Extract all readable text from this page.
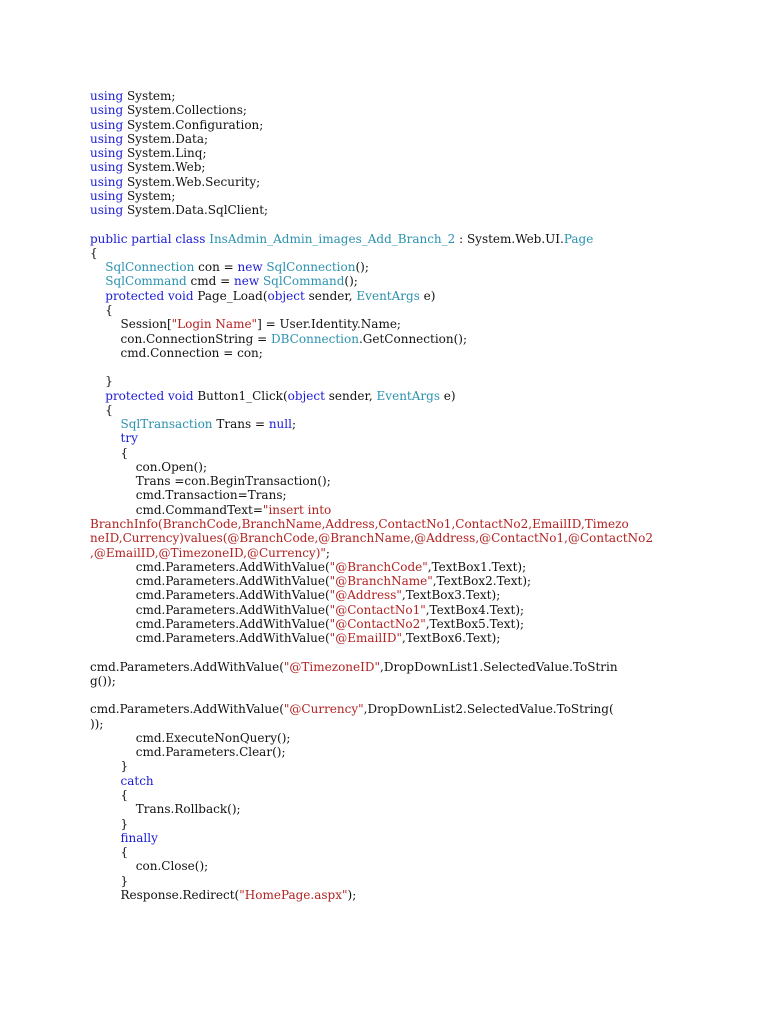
using System;
using System.Collections;
using System.Configuration;
using System.Data;
using System.Linq;
using System.Web;
using System.Web.Security;
using System;
using System.Data.SqlClient;

public partial class InsAdmin_Admin_images_Add_Branch_2 : System.Web.UI.Page
{
SqlConnection con = new SqlConnection();
SqlCommand cmd = new SqlCommand();
protected void Page_Load(object sender, EventArgs e)
{
Session["Login Name"] = User.Identity.Name;
con.ConnectionString = DBConnection.GetConnection();
cmd.Connection = con;

}
protected void Button1_Click(object sender, EventArgs e)
{
SqlTransaction Trans = null;
try
{
con.Open();
Trans =con.BeginTransaction();
cmd.Transaction=Trans;
cmd.CommandText="insert into
BranchInfo(BranchCode,BranchName,Address,ContactNo1,ContactNo2,EmailID,Timezo
neID,Currency)values(@BranchCode,@BranchName,@Address,@ContactNo1,@ContactNo2
,@EmailID,@TimezoneID,@Currency)";
cmd.Parameters.AddWithValue("@BranchCode",TextBox1.Text);
cmd.Parameters.AddWithValue("@BranchName",TextBox2.Text);
cmd.Parameters.AddWithValue("@Address",TextBox3.Text);
cmd.Parameters.AddWithValue("@ContactNo1",TextBox4.Text);
cmd.Parameters.AddWithValue("@ContactNo2",TextBox5.Text);
cmd.Parameters.AddWithValue("@EmailID",TextBox6.Text);

cmd.Parameters.AddWithValue("@TimezoneID",DropDownList1.SelectedValue.ToStrin
g());

cmd.Parameters.AddWithValue("@Currency",DropDownList2.SelectedValue.ToString(
));
cmd.ExecuteNonQuery();
cmd.Parameters.Clear();
}
catch
{
Trans.Rollback();
}
finally
{
con.Close();
}
Response.Redirect("HomePage.aspx");
